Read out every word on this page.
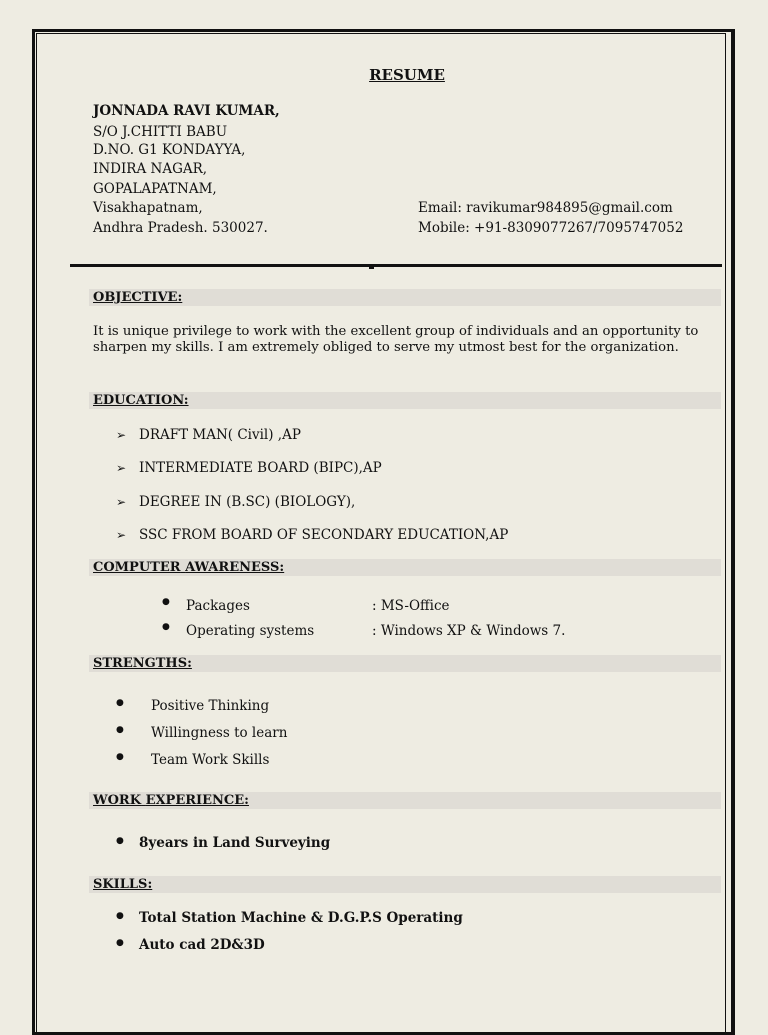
RESUME
JONNADA RAVI KUMAR,
S/O J.CHITTI BABU
D.NO. G1 KONDAYYA,
INDIRA NAGAR,
GOPALAPATNAM,
Visakhapatnam,
Andhra Pradesh. 530027.
Email: ravikumar984895@gmail.com
Mobile: +91-8309077267/7095747052
OBJECTIVE:
It is unique privilege to work with the excellent group of individuals and an opportunity to sharpen my skills. I am extremely obliged to serve my utmost best for the organization.
EDUCATION:
➢ DRAFT MAN( Civil) ,AP
➢ INTERMEDIATE BOARD (BIPC),AP
➢ DEGREE IN (B.SC) (BIOLOGY),
➢ SSC FROM BOARD OF SECONDARY EDUCATION,AP
COMPUTER AWARENESS:
● Packages	: MS-Office
● Operating systems	: Windows XP & Windows 7.
STRENGTHS:
● Positive Thinking
● Willingness to learn
● Team Work Skills
WORK EXPERIENCE:
● 8years in Land Surveying
SKILLS:
● Total Station Machine & D.G.P.S Operating
● Auto cad 2D&3D
